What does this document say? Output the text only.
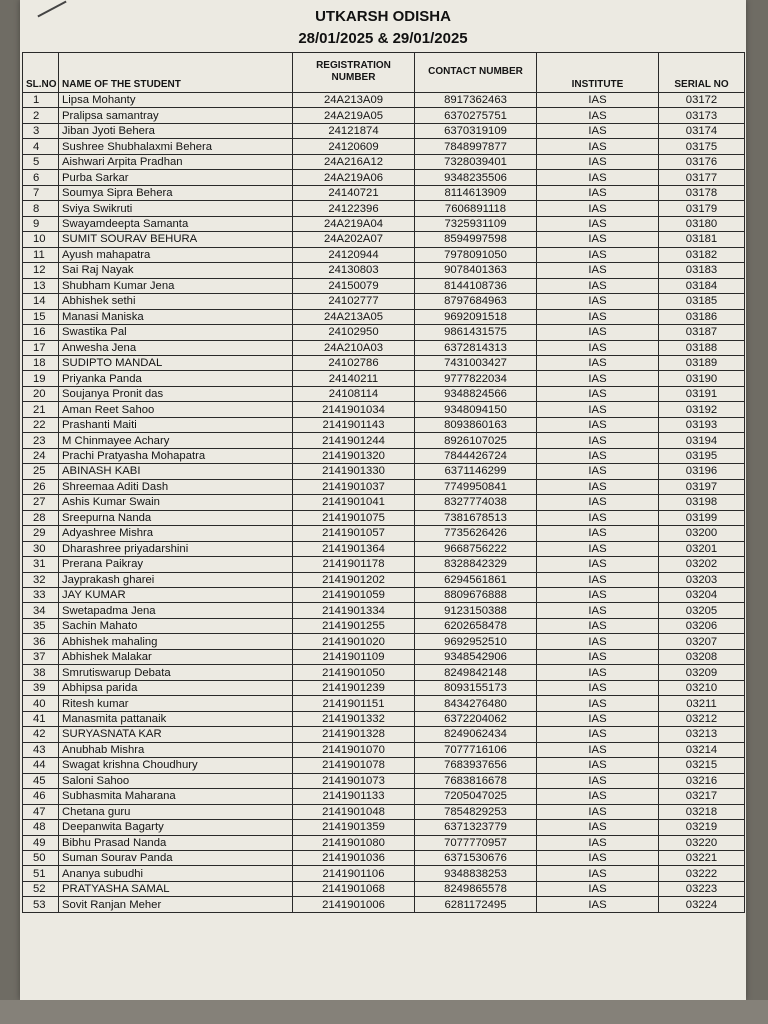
UTKARSH ODISHA
28/01/2025 & 29/01/2025
SL.NO	NAME OF THE STUDENT	REGISTRATION NUMBER	CONTACT NUMBER	INSTITUTE	SERIAL NO
1	Lipsa Mohanty	24A213A09	8917362463	IAS	03172
2	Pralipsa samantray	24A219A05	6370275751	IAS	03173
3	Jiban Jyoti Behera	24121874	6370319109	IAS	03174
4	Sushree Shubhalaxmi Behera	24120609	7848997877	IAS	03175
5	Aishwari Arpita Pradhan	24A216A12	7328039401	IAS	03176
6	Purba Sarkar	24A219A06	9348235506	IAS	03177
7	Soumya Sipra Behera	24140721	8114613909	IAS	03178
8	Sviya Swikruti	24122396	7606891118	IAS	03179
9	Swayamdeepta Samanta	24A219A04	7325931109	IAS	03180
10	SUMIT SOURAV BEHURA	24A202A07	8594997598	IAS	03181
11	Ayush mahapatra	24120944	7978091050	IAS	03182
12	Sai Raj Nayak	24130803	9078401363	IAS	03183
13	Shubham Kumar Jena	24150079	8144108736	IAS	03184
14	Abhishek sethi	24102777	8797684963	IAS	03185
15	Manasi Maniska	24A213A05	9692091518	IAS	03186
16	Swastika Pal	24102950	9861431575	IAS	03187
17	Anwesha Jena	24A210A03	6372814313	IAS	03188
18	SUDIPTO MANDAL	24102786	7431003427	IAS	03189
19	Priyanka Panda	24140211	9777822034	IAS	03190
20	Soujanya Pronit das	24108114	9348824566	IAS	03191
21	Aman Reet Sahoo	2141901034	9348094150	IAS	03192
22	Prashanti Maiti	2141901143	8093860163	IAS	03193
23	M Chinmayee Achary	2141901244	8926107025	IAS	03194
24	Prachi Pratyasha Mohapatra	2141901320	7844426724	IAS	03195
25	ABINASH KABI	2141901330	6371146299	IAS	03196
26	Shreemaa Aditi Dash	2141901037	7749950841	IAS	03197
27	Ashis Kumar Swain	2141901041	8327774038	IAS	03198
28	Sreepurna Nanda	2141901075	7381678513	IAS	03199
29	Adyashree Mishra	2141901057	7735626426	IAS	03200
30	Dharashree priyadarshini	2141901364	9668756222	IAS	03201
31	Prerana Paikray	2141901178	8328842329	IAS	03202
32	Jayprakash gharei	2141901202	6294561861	IAS	03203
33	JAY KUMAR	2141901059	8809676888	IAS	03204
34	Swetapadma Jena	2141901334	9123150388	IAS	03205
35	Sachin Mahato	2141901255	6202658478	IAS	03206
36	Abhishek mahaling	2141901020	9692952510	IAS	03207
37	Abhishek Malakar	2141901109	9348542906	IAS	03208
38	Smrutiswarup Debata	2141901050	8249842148	IAS	03209
39	Abhipsa parida	2141901239	8093155173	IAS	03210
40	Ritesh kumar	2141901151	8434276480	IAS	03211
41	Manasmita pattanaik	2141901332	6372204062	IAS	03212
42	SURYASNATA KAR	2141901328	8249062434	IAS	03213
43	Anubhab Mishra	2141901070	7077716106	IAS	03214
44	Swagat krishna Choudhury	2141901078	7683937656	IAS	03215
45	Saloni Sahoo	2141901073	7683816678	IAS	03216
46	Subhasmita Maharana	2141901133	7205047025	IAS	03217
47	Chetana guru	2141901048	7854829253	IAS	03218
48	Deepanwita Bagarty	2141901359	6371323779	IAS	03219
49	Bibhu Prasad Nanda	2141901080	7077770957	IAS	03220
50	Suman Sourav Panda	2141901036	6371530676	IAS	03221
51	Ananya subudhi	2141901106	9348838253	IAS	03222
52	PRATYASHA SAMAL	2141901068	8249865578	IAS	03223
53	Sovit Ranjan Meher	2141901006	6281172495	IAS	03224
